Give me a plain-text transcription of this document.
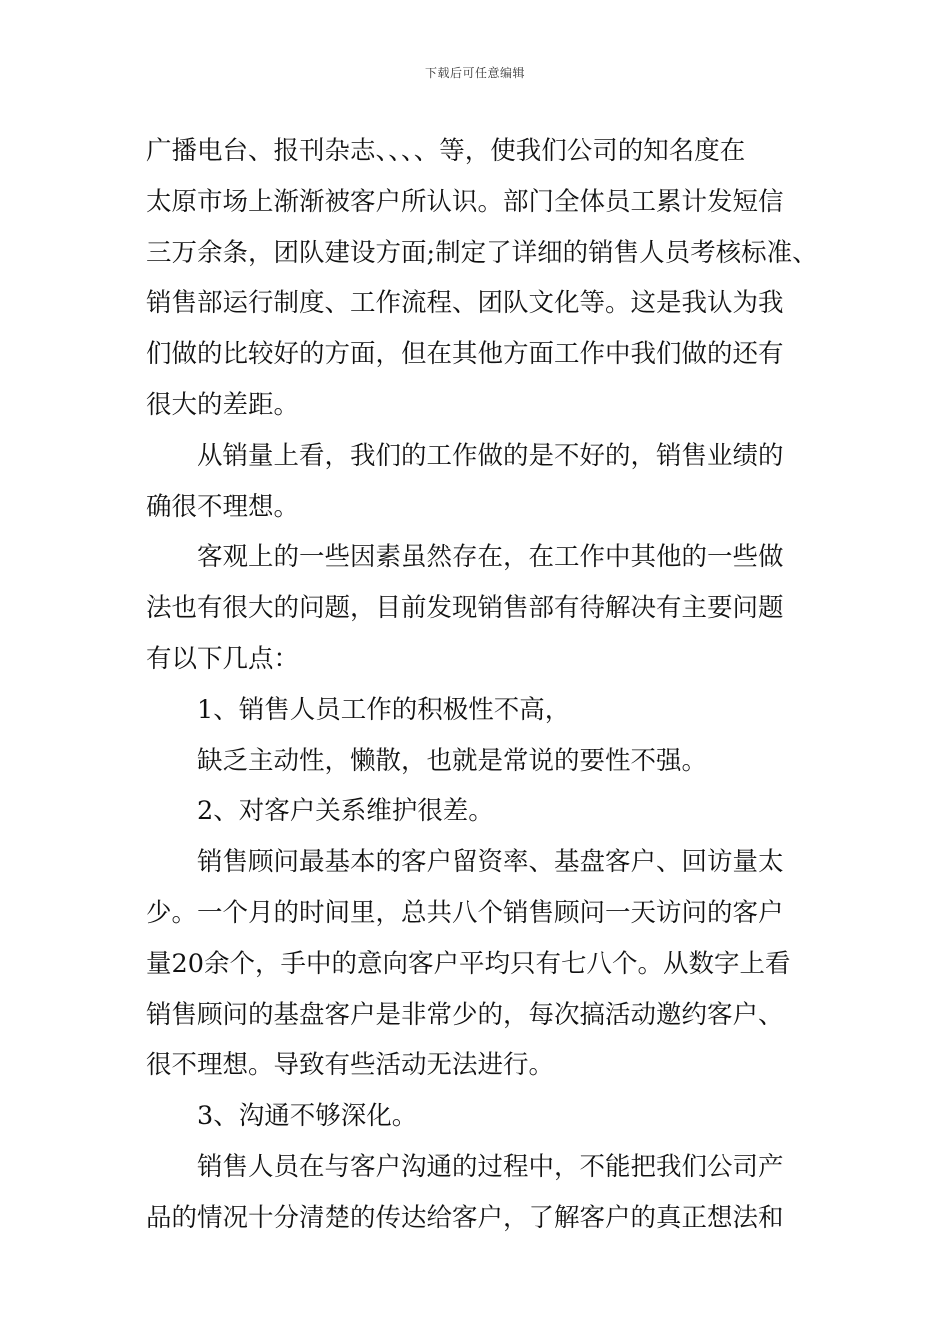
下载后可任意编辑
广播电台、报刊杂志、、、、等，使我们公司的知名度在
太原市场上渐渐被客户所认识。部门全体员工累计发短信
三万余条，团队建设方面;制定了详细的销售人员考核标准、
销售部运行制度、工作流程、团队文化等。这是我认为我
们做的比较好的方面，但在其他方面工作中我们做的还有
很大的差距。
从销量上看，我们的工作做的是不好的，销售业绩的
确很不理想。
客观上的一些因素虽然存在，在工作中其他的一些做
法也有很大的问题，目前发现销售部有待解决有主要问题
有以下几点：
1、销售人员工作的积极性不高，
缺乏主动性，懒散，也就是常说的要性不强。
2、对客户关系维护很差。
销售顾问最基本的客户留资率、基盘客户、回访量太
少。一个月的时间里，总共八个销售顾问一天访问的客户
量20余个，手中的意向客户平均只有七八个。从数字上看
销售顾问的基盘客户是非常少的，每次搞活动邀约客户、
很不理想。导致有些活动无法进行。
3、沟通不够深化。
销售人员在与客户沟通的过程中，不能把我们公司产
品的情况十分清楚的传达给客户，了解客户的真正想法和
